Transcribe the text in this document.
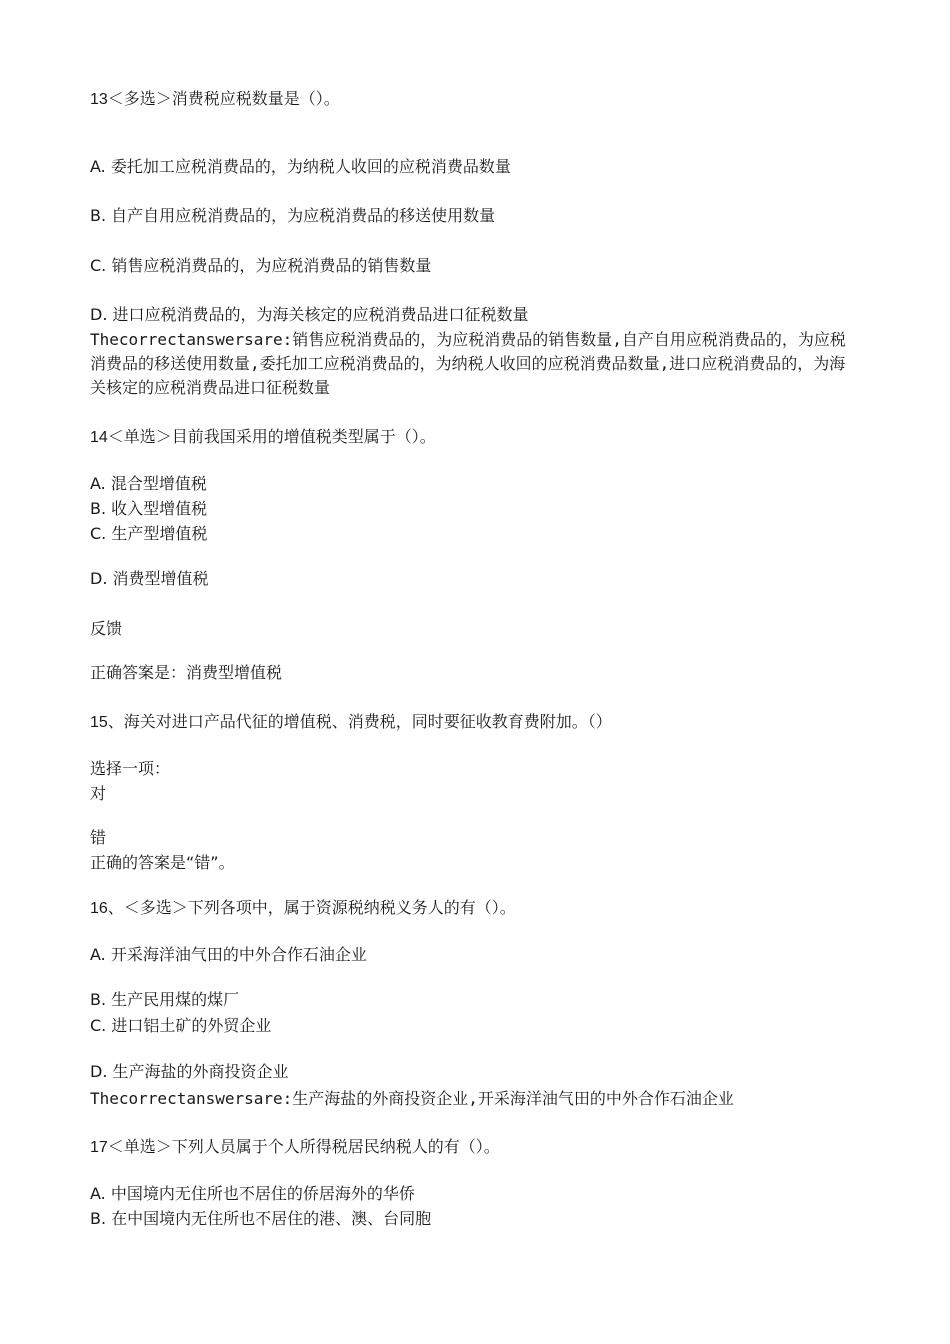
13＜多选＞消费税应税数量是（）。
A. 委托加工应税消费品的，为纳税人收回的应税消费品数量
B. 自产自用应税消费品的，为应税消费品的移送使用数量
C. 销售应税消费品的，为应税消费品的销售数量
D. 进口应税消费品的，为海关核定的应税消费品进口征税数量
Thecorrectanswersare:销售应税消费品的，为应税消费品的销售数量,自产自用应税消费品的，为应税消费品的移送使用数量,委托加工应税消费品的，为纳税人收回的应税消费品数量,进口应税消费品的，为海关核定的应税消费品进口征税数量
14＜单选＞目前我国采用的增值税类型属于（）。
A. 混合型增值税
B. 收入型增值税
C. 生产型增值税
D. 消费型增值税
反馈
正确答案是：消费型增值税
15、海关对进口产品代征的增值税、消费税，同时要征收教育费附加。（）
选择一项：
对
错
正确的答案是“错”。
16、＜多选＞下列各项中，属于资源税纳税义务人的有（）。
A. 开采海洋油气田的中外合作石油企业
B. 生产民用煤的煤厂
C. 进口铝土矿的外贸企业
D. 生产海盐的外商投资企业
Thecorrectanswersare:生产海盐的外商投资企业,开采海洋油气田的中外合作石油企业
17＜单选＞下列人员属于个人所得税居民纳税人的有（）。
A. 中国境内无住所也不居住的侨居海外的华侨
B. 在中国境内无住所也不居住的港、澳、台同胞
